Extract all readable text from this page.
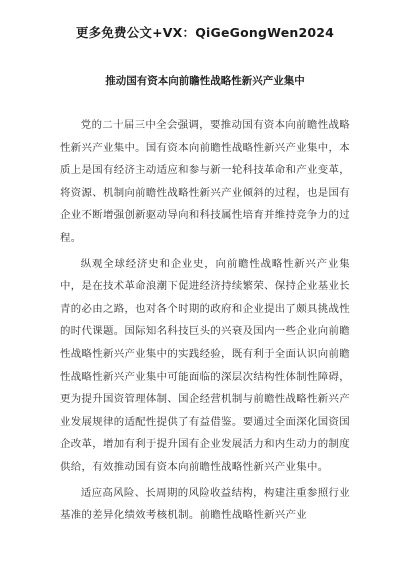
更多免费公文+VX：QiGeGongWen2024
推动国有资本向前瞻性战略性新兴产业集中

党的二十届三中全会强调，要推动国有资本向前瞻性战略性新兴产业集中。国有资本向前瞻性战略性新兴产业集中，本质上是国有经济主动适应和参与新一轮科技革命和产业变革，将资源、机制向前瞻性战略性新兴产业倾斜的过程，也是国有企业不断增强创新驱动导向和科技属性培育并维持竞争力的过程。

纵观全球经济史和企业史，向前瞻性战略性新兴产业集中，是在技术革命浪潮下促进经济持续繁荣、保持企业基业长青的必由之路，也对各个时期的政府和企业提出了颇具挑战性的时代课题。国际知名科技巨头的兴衰及国内一些企业向前瞻性战略性新兴产业集中的实践经验，既有利于全面认识向前瞻性战略性新兴产业集中可能面临的深层次结构性体制性障碍，更为提升国资管理体制、国企经营机制与前瞻性战略性新兴产业发展规律的适配性提供了有益借鉴。要通过全面深化国资国企改革，增加有利于提升国有企业发展活力和内生动力的制度供给，有效推动国有资本向前瞻性战略性新兴产业集中。

适应高风险、长周期的风险收益结构，构建注重参照行业基准的差异化绩效考核机制。前瞻性战略性新兴产业
